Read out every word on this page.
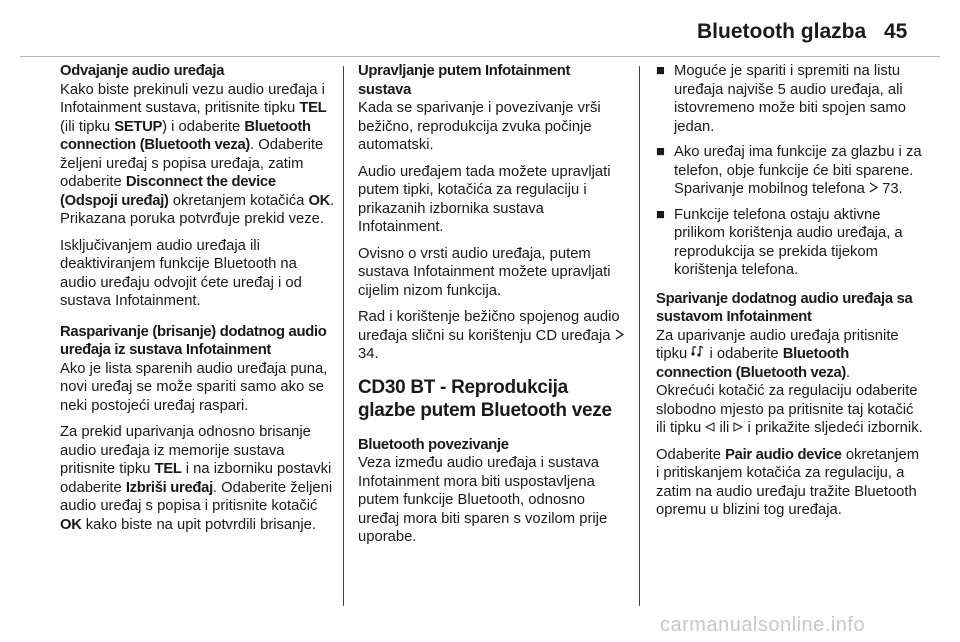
Bluetooth glazba 45
Odvajanje audio uređaja

Kako biste prekinuli vezu audio uređaja i Infotainment sustava, pritisnite tipku TEL (ili tipku SETUP) i odaberite Bluetooth connection (Bluetooth veza). Odaberite željeni uređaj s popisa uređaja, zatim odaberite Disconnect the device (Odspoji uređaj) okretanjem kotačića OK. Prikazana poruka potvrđuje prekid veze.

Isključivanjem audio uređaja ili deaktiviranjem funkcije Bluetooth na audio uređaju odvojit ćete uređaj i od sustava Infotainment.

Rasparivanje (brisanje) dodatnog audio uređaja iz sustava Infotainment

Ako je lista sparenih audio uređaja puna, novi uređaj se može spariti samo ako se neki postojeći uređaj raspari.

Za prekid uparivanja odnosno brisanje audio uređaja iz memorije sustava pritisnite tipku TEL i na izborniku postavki odaberite Izbriši uređaj. Odaberite željeni audio uređaj s popisa i pritisnite kotačić OK kako biste na upit potvrdili brisanje.

Upravljanje putem Infotainment sustava

Kada se sparivanje i povezivanje vrši bežično, reprodukcija zvuka počinje automatski.

Audio uređajem tada možete upravljati putem tipki, kotačića za regulaciju i prikazanih izbornika sustava Infotainment.

Ovisno o vrsti audio uređaja, putem sustava Infotainment možete upravljati cijelim nizom funkcija.

Rad i korištenje bežično spojenog audio uređaja slični su korištenju CD uređaja  34.

CD30 BT - Reprodukcija glazbe putem Bluetooth veze
Bluetooth povezivanje

Veza između audio uređaja i sustava Infotainment mora biti uspostavljena putem funkcije Bluetooth, odnosno uređaj mora biti sparen s vozilom prije uporabe.

■ Moguće je spariti i spremiti na listu uređaja najviše 5 audio uređaja, ali istovremeno može biti spojen samo jedan.
■ Ako uređaj ima funkcije za glazbu i za telefon, obje funkcije će biti sparene. Sparivanje mobilnog telefona  73.
■ Funkcije telefona ostaju aktivne prilikom korištenja audio uređaja, a reprodukcija se prekida tijekom korištenja telefona.
Sparivanje dodatnog audio uređaja sa sustavom Infotainment

Za uparivanje audio uređaja pritisnite tipku  i odaberite Bluetooth connection (Bluetooth veza).
Okrećući kotačić za regulaciju odaberite slobodno mjesto pa pritisnite taj kotačić ili tipku  ili  i prikažite sljedeći izbornik.

Odaberite Pair audio device okretanjem i pritiskanjem kotačića za regulaciju, a zatim na audio uređaju tražite Bluetooth opremu u blizini tog uređaja.

carmanualsonline.info
